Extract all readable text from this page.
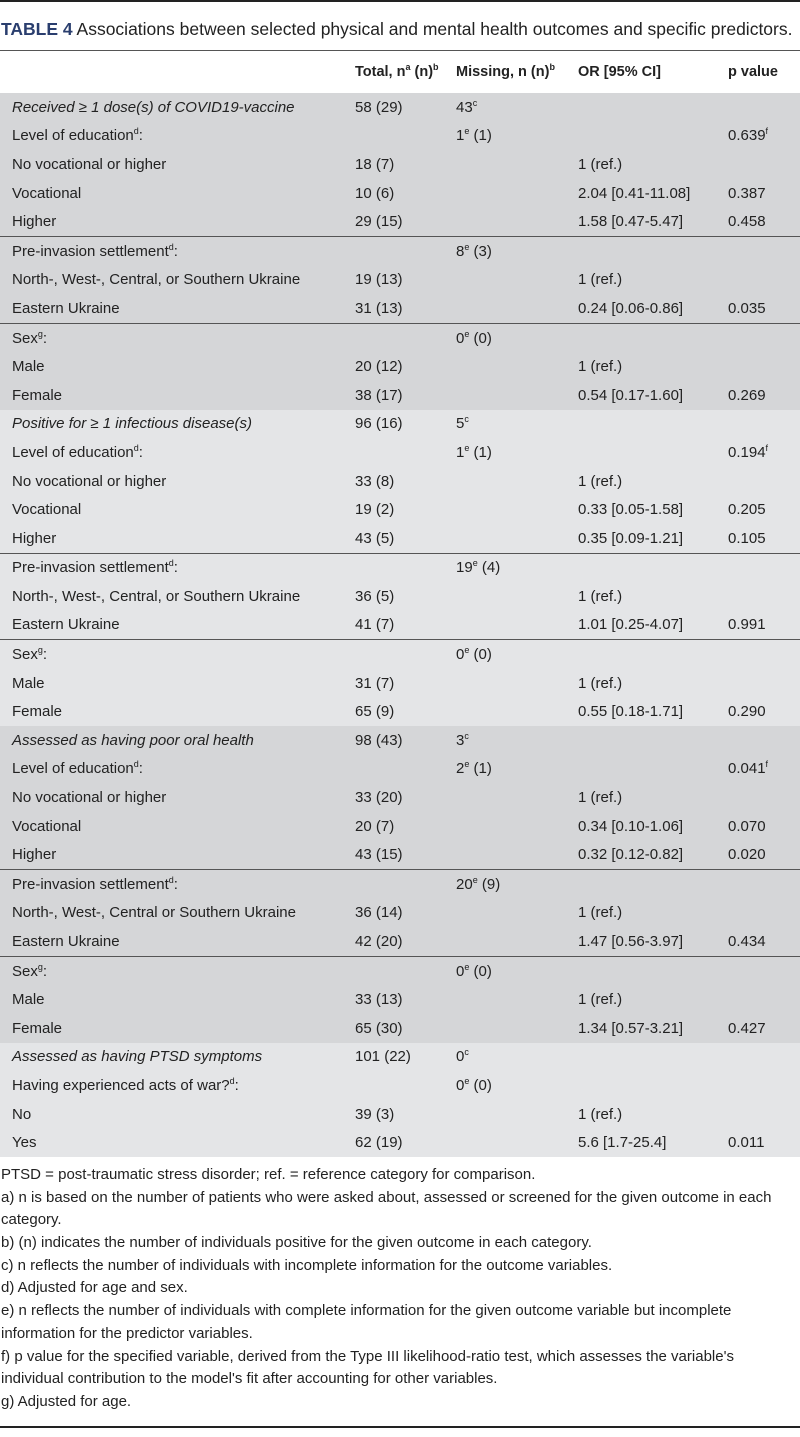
TABLE 4 Associations between selected physical and mental health outcomes and specific predictors.

	Total, $n^a$ $(n)^b$	Missing, n $(n)^b$	OR [95% CI]	p value
Received ≥ 1 dose(s) of COVID19-vaccine	58 (29)	43$^c$		
Level of education$^d$:		1e (1)		0.639$^f$
No vocational or higher	18 (7)		1 (ref.)	
Vocational	10 (6)		2.04 [0.41-11.08]	0.387
Higher	29 (15)		1.58 [0.47-5.47]	0.458
Pre-invasion settlement$^d$:		8e (3)		
North-, West-, Central, or Southern Ukraine	19 (13)		1 (ref.)	
Eastern Ukraine	31 (13)		0.24 [0.06-0.86]	0.035
Sex$^g$:		0e (0)		
Male	20 (12)		1 (ref.)	
Female	38 (17)		0.54 [0.17-1.60]	0.269
Positive for ≥ 1 infectious disease(s)	96 (16)	5$^c$		
Level of education$^d$:		1e (1)		0.194$^f$
No vocational or higher	33 (8)		1 (ref.)	
Vocational	19 (2)		0.33 [0.05-1.58]	0.205
Higher	43 (5)		0.35 [0.09-1.21]	0.105
Pre-invasion settlement$^d$:		19e (4)		
North-, West-, Central, or Southern Ukraine	36 (5)		1 (ref.)	
Eastern Ukraine	41 (7)		1.01 [0.25-4.07]	0.991
Sex$^g$:		0e (0)		
Male	31 (7)		1 (ref.)	
Female	65 (9)		0.55 [0.18-1.71]	0.290
Assessed as having poor oral health	98 (43)	3$^c$		
Level of education$^d$:		2e (1)		0.041$^f$
No vocational or higher	33 (20)		1 (ref.)	
Vocational	20 (7)		0.34 [0.10-1.06]	0.070
Higher	43 (15)		0.32 [0.12-0.82]	0.020
Pre-invasion settlement$^d$:		20e (9)		
North-, West-, Central or Southern Ukraine	36 (14)		1 (ref.)	
Eastern Ukraine	42 (20)		1.47 [0.56-3.97]	0.434
Sex$^g$:		0e (0)		
Male	33 (13)		1 (ref.)	
Female	65 (30)		1.34 [0.57-3.21]	0.427
Assessed as having PTSD symptoms	101 (22)	0$^c$		
Having experienced acts of war?$^d$:		0e (0)		
No	39 (3)		1 (ref.)	
Yes	62 (19)		5.6 [1.7-25.4]	0.011

PTSD = post-traumatic stress disorder; ref. = reference category for comparison.

a) n is based on the number of patients who were asked about, assessed or screened for the given outcome in each category.

b) (n) indicates the number of individuals positive for the given outcome in each category.

c) n reflects the number of individuals with incomplete information for the outcome variables.

d) Adjusted for age and sex.

e) n reflects the number of individuals with complete information for the given outcome variable but incomplete information for the predictor variables.

f) p value for the specified variable, derived from the Type III likelihood-ratio test, which assesses the variable's individual contribution to the model's fit after accounting for other variables.

g) Adjusted for age.
